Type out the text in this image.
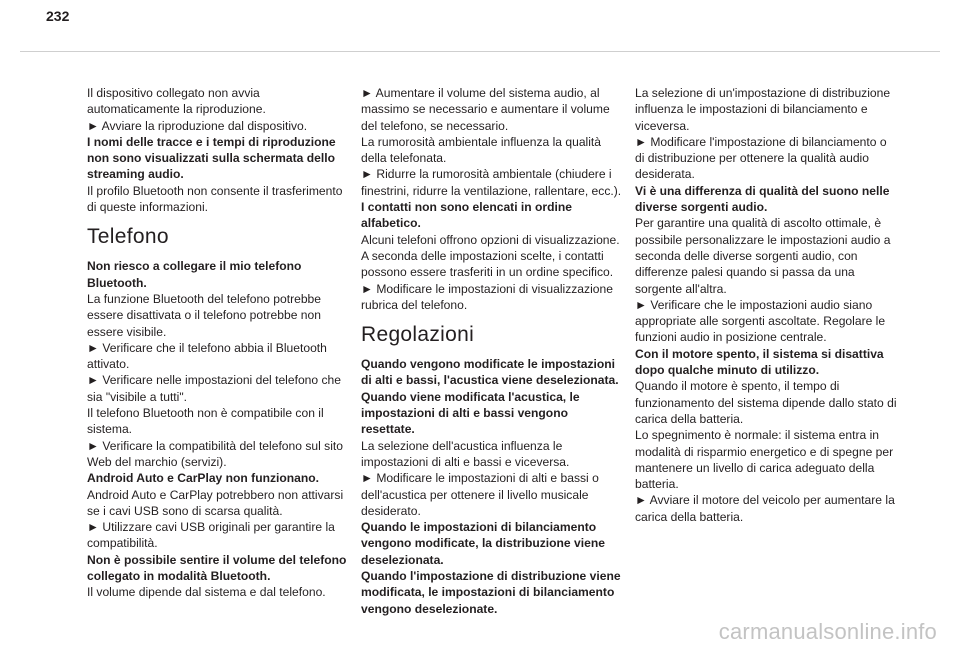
232

Il dispositivo collegato non avvia automaticamente la riproduzione.

► Avviare la riproduzione dal dispositivo.

I nomi delle tracce e i tempi di riproduzione non sono visualizzati sulla schermata dello streaming audio.

Il profilo Bluetooth non consente il trasferimento di queste informazioni.

Telefono

Non riesco a collegare il mio telefono Bluetooth.

La funzione Bluetooth del telefono potrebbe essere disattivata o il telefono potrebbe non essere visibile.

► Verificare che il telefono abbia il Bluetooth attivato.

► Verificare nelle impostazioni del telefono che sia "visibile a tutti".

Il telefono Bluetooth non è compatibile con il sistema.

► Verificare la compatibilità del telefono sul sito Web del marchio (servizi).

Android Auto e CarPlay non funzionano.

Android Auto e CarPlay potrebbero non attivarsi se i cavi USB sono di scarsa qualità.

► Utilizzare cavi USB originali per garantire la compatibilità.

Non è possibile sentire il volume del telefono collegato in modalità Bluetooth.

Il volume dipende dal sistema e dal telefono.

► Aumentare il volume del sistema audio, al massimo se necessario e aumentare il volume del telefono, se necessario.

La rumorosità ambientale influenza la qualità della telefonata.

► Ridurre la rumorosità ambientale (chiudere i finestrini, ridurre la ventilazione, rallentare, ecc.).

I contatti non sono elencati in ordine alfabetico.

Alcuni telefoni offrono opzioni di visualizzazione. A seconda delle impostazioni scelte, i contatti possono essere trasferiti in un ordine specifico.

► Modificare le impostazioni di visualizzazione rubrica del telefono.

Regolazioni

Quando vengono modificate le impostazioni di alti e bassi, l'acustica viene deselezionata.

Quando viene modificata l'acustica, le impostazioni di alti e bassi vengono resettate.

La selezione dell'acustica influenza le impostazioni di alti e bassi e viceversa.

► Modificare le impostazioni di alti e bassi o dell'acustica per ottenere il livello musicale desiderato.

Quando le impostazioni di bilanciamento vengono modificate, la distribuzione viene deselezionata.

Quando l'impostazione di distribuzione viene modificata, le impostazioni di bilanciamento vengono deselezionate.

La selezione di un'impostazione di distribuzione influenza le impostazioni di bilanciamento e viceversa.

► Modificare l'impostazione di bilanciamento o di distribuzione per ottenere la qualità audio desiderata.

Vi è una differenza di qualità del suono nelle diverse sorgenti audio.

Per garantire una qualità di ascolto ottimale, è possibile personalizzare le impostazioni audio a seconda delle diverse sorgenti audio, con differenze palesi quando si passa da una sorgente all'altra.

► Verificare che le impostazioni audio siano appropriate alle sorgenti ascoltate. Regolare le funzioni audio in posizione centrale.

Con il motore spento, il sistema si disattiva dopo qualche minuto di utilizzo.

Quando il motore è spento, il tempo di funzionamento del sistema dipende dallo stato di carica della batteria.

Lo spegnimento è normale: il sistema entra in modalità di risparmio energetico e di spegne per mantenere un livello di carica adeguato della batteria.

► Avviare il motore del veicolo per aumentare la carica della batteria.

carmanualsonline.info
